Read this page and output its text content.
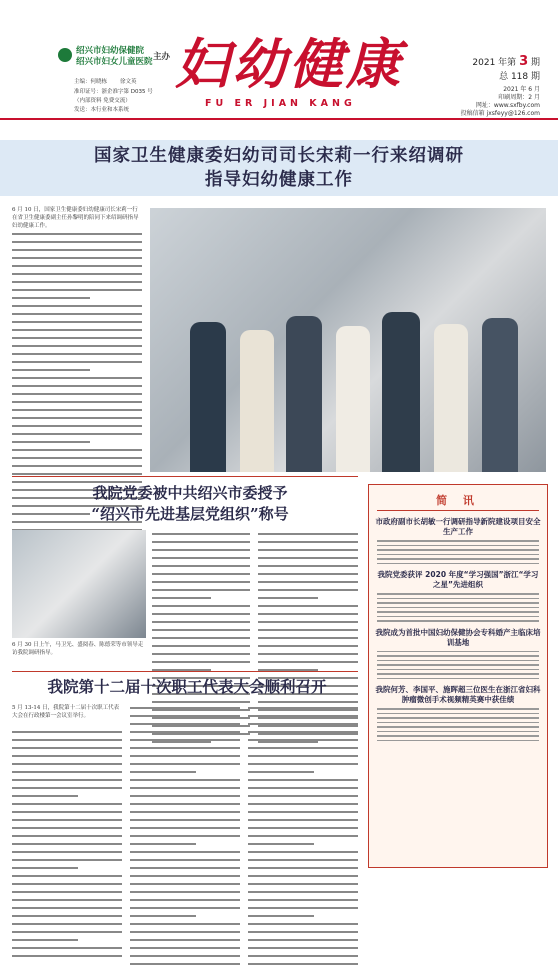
绍兴市妇幼保健院
绍兴市妇女儿童医院 主办
主编：何晓栋 徐文英
准印证号：浙企准字第 D035 号
（内部资料 免费交流）
发送：本行业和本系统
妇幼健康
FU ER JIAN KANG
2021 年第 3 期
总 118 期
2021 年 6 月
印刷周期：2 月
网址：www.sxfby.com
投稿信箱 jxsfeyy@126.com
国家卫生健康委妇幼司司长宋莉一行来绍调研
指导妇幼健康工作
6 月 10 日，国家卫生健康委妇幼健康司长宋莉一行在省卫生健康委副主任孙黎明的陪同下来绍调研指导妇幼健康工作。
我院党委被中共绍兴市委授予
“绍兴市先进基层党组织”称号
6 月 30 日上午，马卫光、盛阅春、陈德荣等市领导走访我院调研指导。
我院第十二届十次职工代表大会顺利召开
5 月 13-14 日，我院第十二届十次职工代表大会在行政楼第一会议室举行。
简 讯
市政府副市长胡敏一行调研指导新院建设项目安全生产工作
我院党委获评 2020 年度“学习强国”浙江“学习之星”先进组织
我院成为首批中国妇幼保健协会专科婚产主临床培训基地
我院何芳、李国平、施晖超三位医生在浙江省妇科肿瘤微创手术视频精英赛中获佳绩
